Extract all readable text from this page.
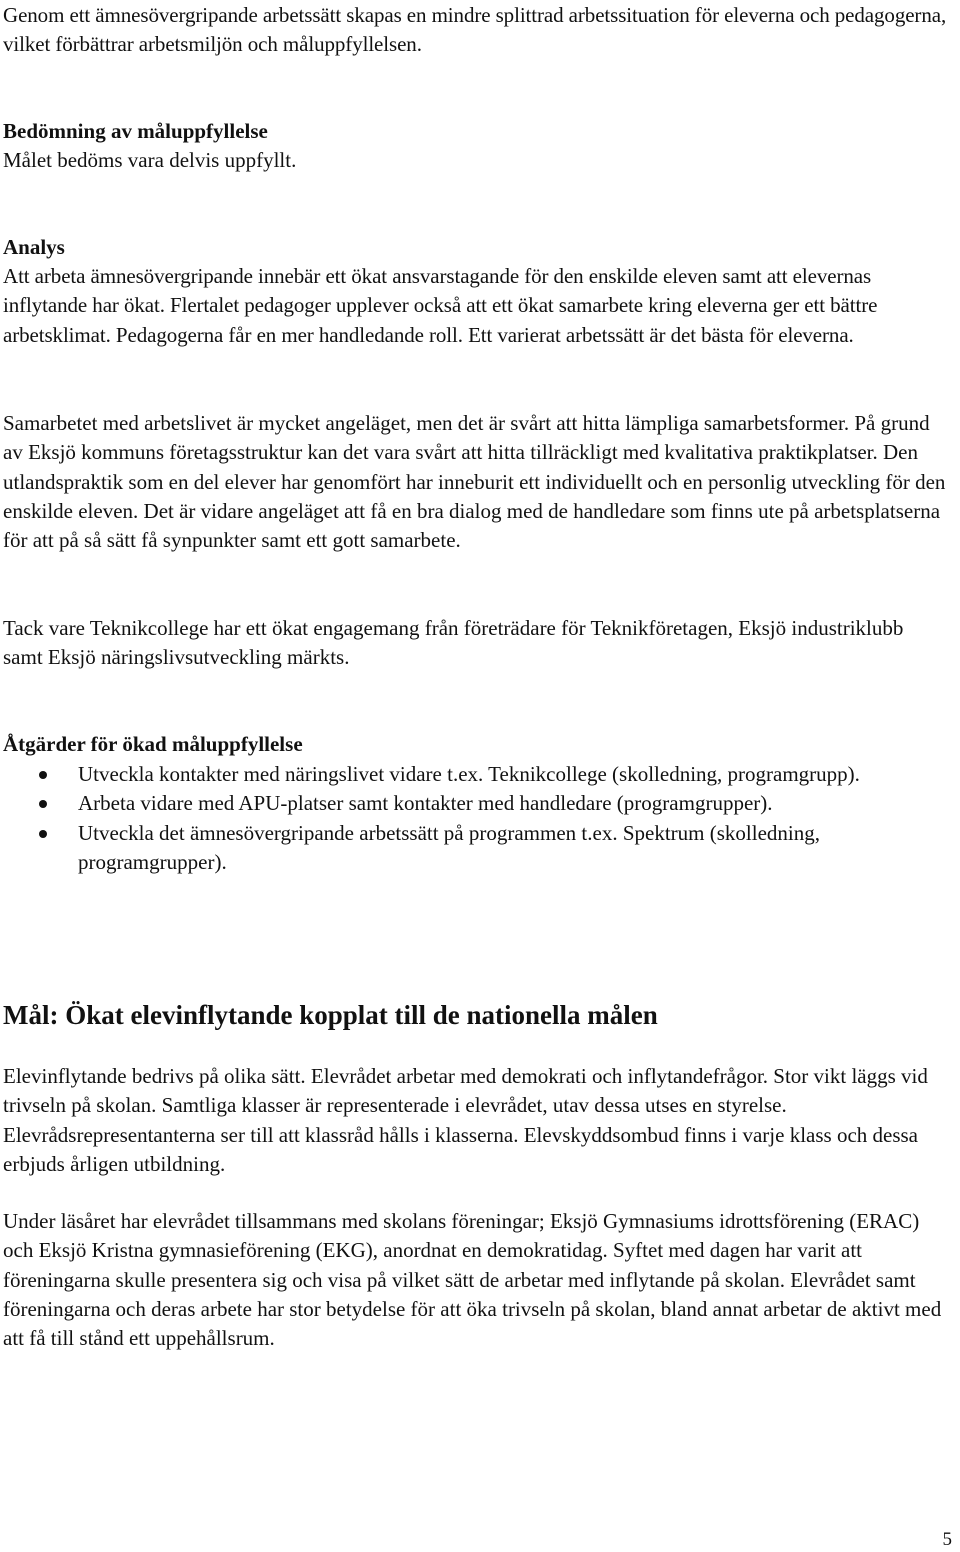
Genom ett ämnesövergripande arbetssätt skapas en mindre splittrad arbetssituation för eleverna och pedagogerna, vilket förbättrar arbetsmiljön och måluppfyllelsen.
Bedömning av måluppfyllelse
Målet bedöms vara delvis uppfyllt.
Analys
Att arbeta ämnesövergripande innebär ett ökat ansvarstagande för den enskilde eleven samt att elevernas inflytande har ökat. Flertalet pedagoger upplever också att ett ökat samarbete kring eleverna ger ett bättre arbetsklimat. Pedagogerna får en mer handledande roll. Ett varierat arbetssätt är det bästa för eleverna.
Samarbetet med arbetslivet är mycket angeläget, men det är svårt att hitta lämpliga samarbetsformer. På grund av Eksjö kommuns företagsstruktur kan det vara svårt att hitta tillräckligt med kvalitativa praktikplatser. Den utlandspraktik som en del elever har genomfört har inneburit ett individuellt och en personlig utveckling för den enskilde eleven. Det är vidare angeläget att få en bra dialog med de handledare som finns ute på arbetsplatserna för att på så sätt få synpunkter samt ett gott samarbete.
Tack vare Teknikcollege har ett ökat engagemang från företrädare för Teknikföretagen, Eksjö industriklubb samt Eksjö näringslivsutveckling märkts.
Åtgärder för ökad måluppfyllelse
Utveckla kontakter med näringslivet vidare t.ex. Teknikcollege (skolledning, programgrupp).
Arbeta vidare med APU-platser samt kontakter med handledare (programgrupper).
Utveckla det ämnesövergripande arbetssätt på programmen t.ex. Spektrum (skolledning, programgrupper).
Mål: Ökat elevinflytande kopplat till de nationella målen
Elevinflytande bedrivs på olika sätt. Elevrådet arbetar med demokrati och inflytandefrågor. Stor vikt läggs vid trivseln på skolan. Samtliga klasser är representerade i elevrådet, utav dessa utses en styrelse. Elevrådsrepresentanterna ser till att klassråd hålls i klasserna. Elevskyddsombud finns i varje klass och dessa erbjuds årligen utbildning.
Under läsåret har elevrådet tillsammans med skolans föreningar; Eksjö Gymnasiums idrottsförening (ERAC) och Eksjö Kristna gymnasieförening (EKG), anordnat en demokratidag. Syftet med dagen har varit att föreningarna skulle presentera sig och visa på vilket sätt de arbetar med inflytande på skolan. Elevrådet samt föreningarna och deras arbete har stor betydelse för att öka trivseln på skolan, bland annat arbetar de aktivt med att få till stånd ett uppehållsrum.
5
